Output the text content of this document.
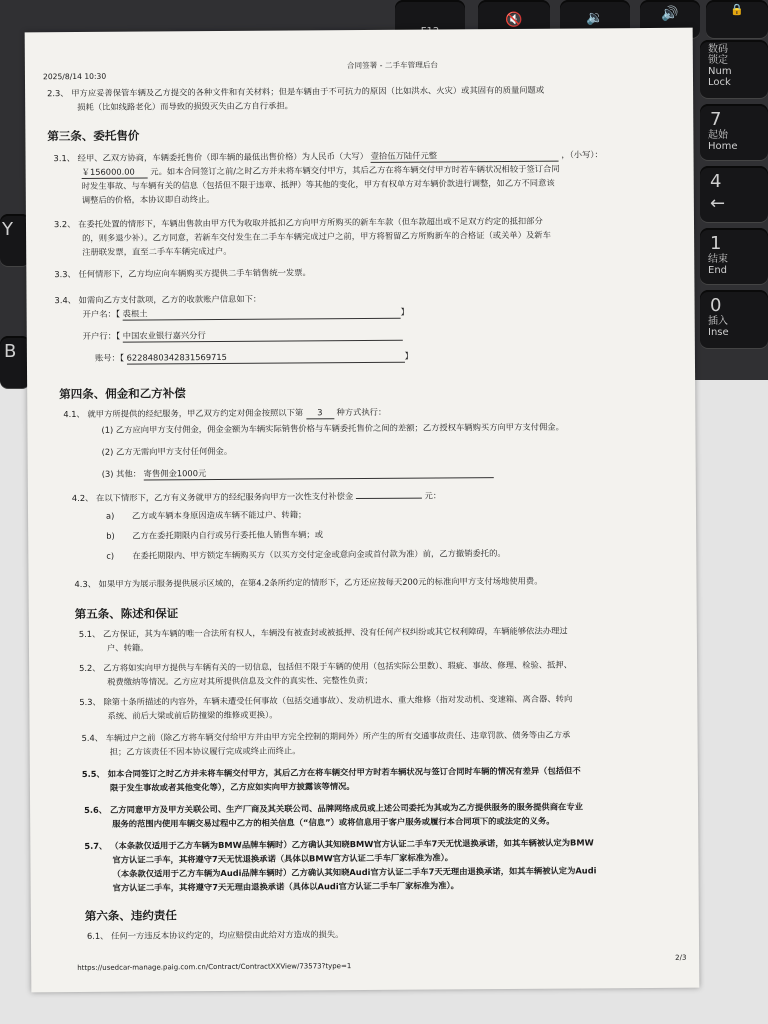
🔇	🔉	🔊	🔒
数码
锁定
Num
Lock
7
起始
Home
4
←
1
结束
End
0
插入
Inse
Y
B
2025/8/14 10:30
合同签署 - 二手车管理后台
2.3、 甲方应妥善保管车辆及乙方提交的各种文件和有关材料；但是车辆由于不可抗力的原因（比如洪水、火灾）或其固有的质量问题或
损耗（比如线路老化）而导致的损毁灭失由乙方自行承担。
第三条、委托售价
3.1、 经甲、乙双方协商，车辆委托售价（即车辆的最低出售价格）为人民币（大写） 壹拾伍万陆仟元整	，（小写）：
￥156000.00 元。如本合同签订之前/之时乙方并未将车辆交付甲方，其后乙方在将车辆交付甲方时若车辆状况相较于签订合同
时发生事故、与车辆有关的信息（包括但不限于违章、抵押）等其他的变化，甲方有权单方对车辆价款进行调整，如乙方不同意该
调整后的价格，本协议即自动终止。
3.2、 在委托处置的情形下，车辆出售款由甲方代为收取并抵扣乙方向甲方所购买的新车车款（但车款超出或不足双方约定的抵扣部分
的，则多退少补）。乙方同意，若新车交付发生在二手车车辆完成过户之前，甲方将暂留乙方所购新车的合格证（或关单）及新车
注册联发票，直至二手车车辆完成过户。
3.3、 任何情形下，乙方均应向车辆购买方提供二手车销售统一发票。
3.4、 如需向乙方支付款项，乙方的收款账户信息如下：
开户名：【 裘根土	】
开户行：【 中国农业银行嘉兴分行
账号：【 6228480342831569715	】
第四条、佣金和乙方补偿
4.1、 就甲方所提供的经纪服务，甲乙双方约定对佣金按照以下第 3 种方式执行：
(1) 乙方应向甲方支付佣金，佣金金额为车辆实际销售价格与车辆委托售价之间的差额；乙方授权车辆购买方向甲方支付佣金。
(2) 乙方无需向甲方支付任何佣金。
(3) 其他： 寄售佣金1000元
4.2、 在以下情形下，乙方有义务就甲方的经纪服务向甲方一次性支付补偿金	元：
a) 乙方或车辆本身原因造成车辆不能过户、转籍；
b) 乙方在委托期限内自行或另行委托他人销售车辆；或
c) 在委托期限内、甲方锁定车辆购买方（以买方交付定金或意向金或首付款为准）前，乙方撤销委托的。
4.3、 如果甲方为展示服务提供展示区域的，在第4.2条所约定的情形下，乙方还应按每天200元的标准向甲方支付场地使用费。
第五条、陈述和保证
5.1、 乙方保证，其为车辆的唯一合法所有权人，车辆没有被查封或被抵押、没有任何产权纠纷或其它权利障碍，车辆能够依法办理过
户、转籍。
5.2、 乙方将如实向甲方提供与车辆有关的一切信息，包括但不限于车辆的使用（包括实际公里数）、瑕疵、事故、修理、检验、抵押、
税费缴纳等情况。乙方应对其所提供信息及文件的真实性、完整性负责；
5.3、 除第十条所描述的内容外，车辆未遭受任何事故（包括交通事故）、发动机进水、重大维修（指对发动机、变速箱、离合器、转向
系统、前后大梁或前后防撞梁的维修或更换）。
5.4、 车辆过户之前（除乙方将车辆交付给甲方并由甲方完全控制的期间外）所产生的所有交通事故责任、违章罚款、债务等由乙方承
担；乙方该责任不因本协议履行完成或终止而终止。
5.5、 如本合同签订之时乙方并未将车辆交付甲方，其后乙方在将车辆交付甲方时若车辆状况与签订合同时车辆的情况有差异（包括但不
限于发生事故或者其他变化等），乙方应如实向甲方披露该等情况。
5.6、 乙方同意甲方及甲方关联公司、生产厂商及其关联公司、品牌网络成员或上述公司委托为其或为乙方提供服务的服务提供商在专业
服务的范围内使用车辆交易过程中乙方的相关信息（“信息”）或将信息用于客户服务或履行本合同项下的或法定的义务。
5.7、 （本条款仅适用于乙方车辆为BMW品牌车辆时）乙方确认其知晓BMW官方认证二手车7天无忧退换承诺，如其车辆被认定为BMW
官方认证二手车，其将遵守7天无忧退换承诺（具体以BMW官方认证二手车厂家标准为准）。
（本条款仅适用于乙方车辆为Audi品牌车辆时）乙方确认其知晓Audi官方认证二手车7天无理由退换承诺，如其车辆被认定为Audi
官方认证二手车，其将遵守7天无理由退换承诺（具体以Audi官方认证二手车厂家标准为准）。
第六条、违约责任
6.1、 任何一方违反本协议约定的，均应赔偿由此给对方造成的损失。
https://usedcar-manage.paig.com.cn/Contract/ContractXXView/73573?type=1
2/3
